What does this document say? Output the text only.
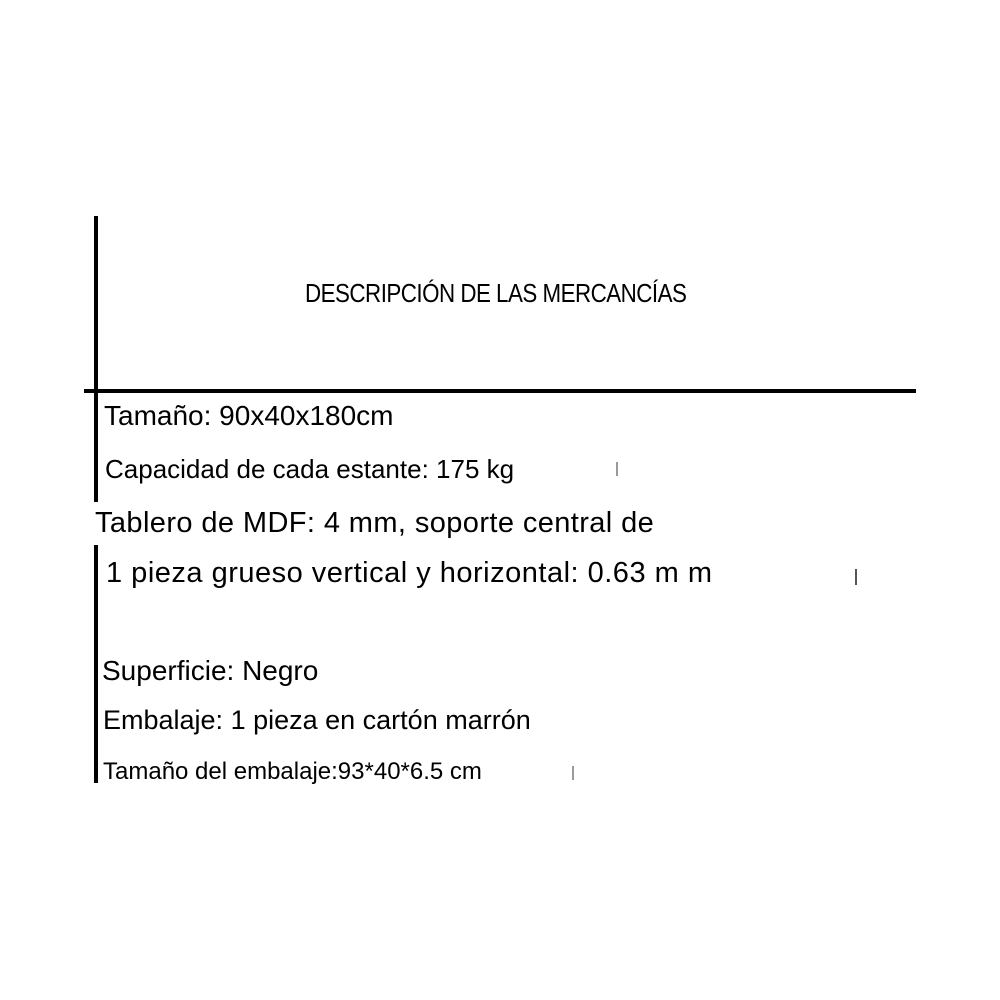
DESCRIPCIÓN DE LAS MERCANCÍAS
Tamaño: 90x40x180cm
Capacidad de cada estante: 175 kg
Tablero de MDF: 4 mm, soporte central de
1 pieza grueso vertical y horizontal: 0.63 m m
Superficie: Negro
Embalaje: 1 pieza en cartón marrón
Tamaño del embalaje:93*40*6.5 cm
